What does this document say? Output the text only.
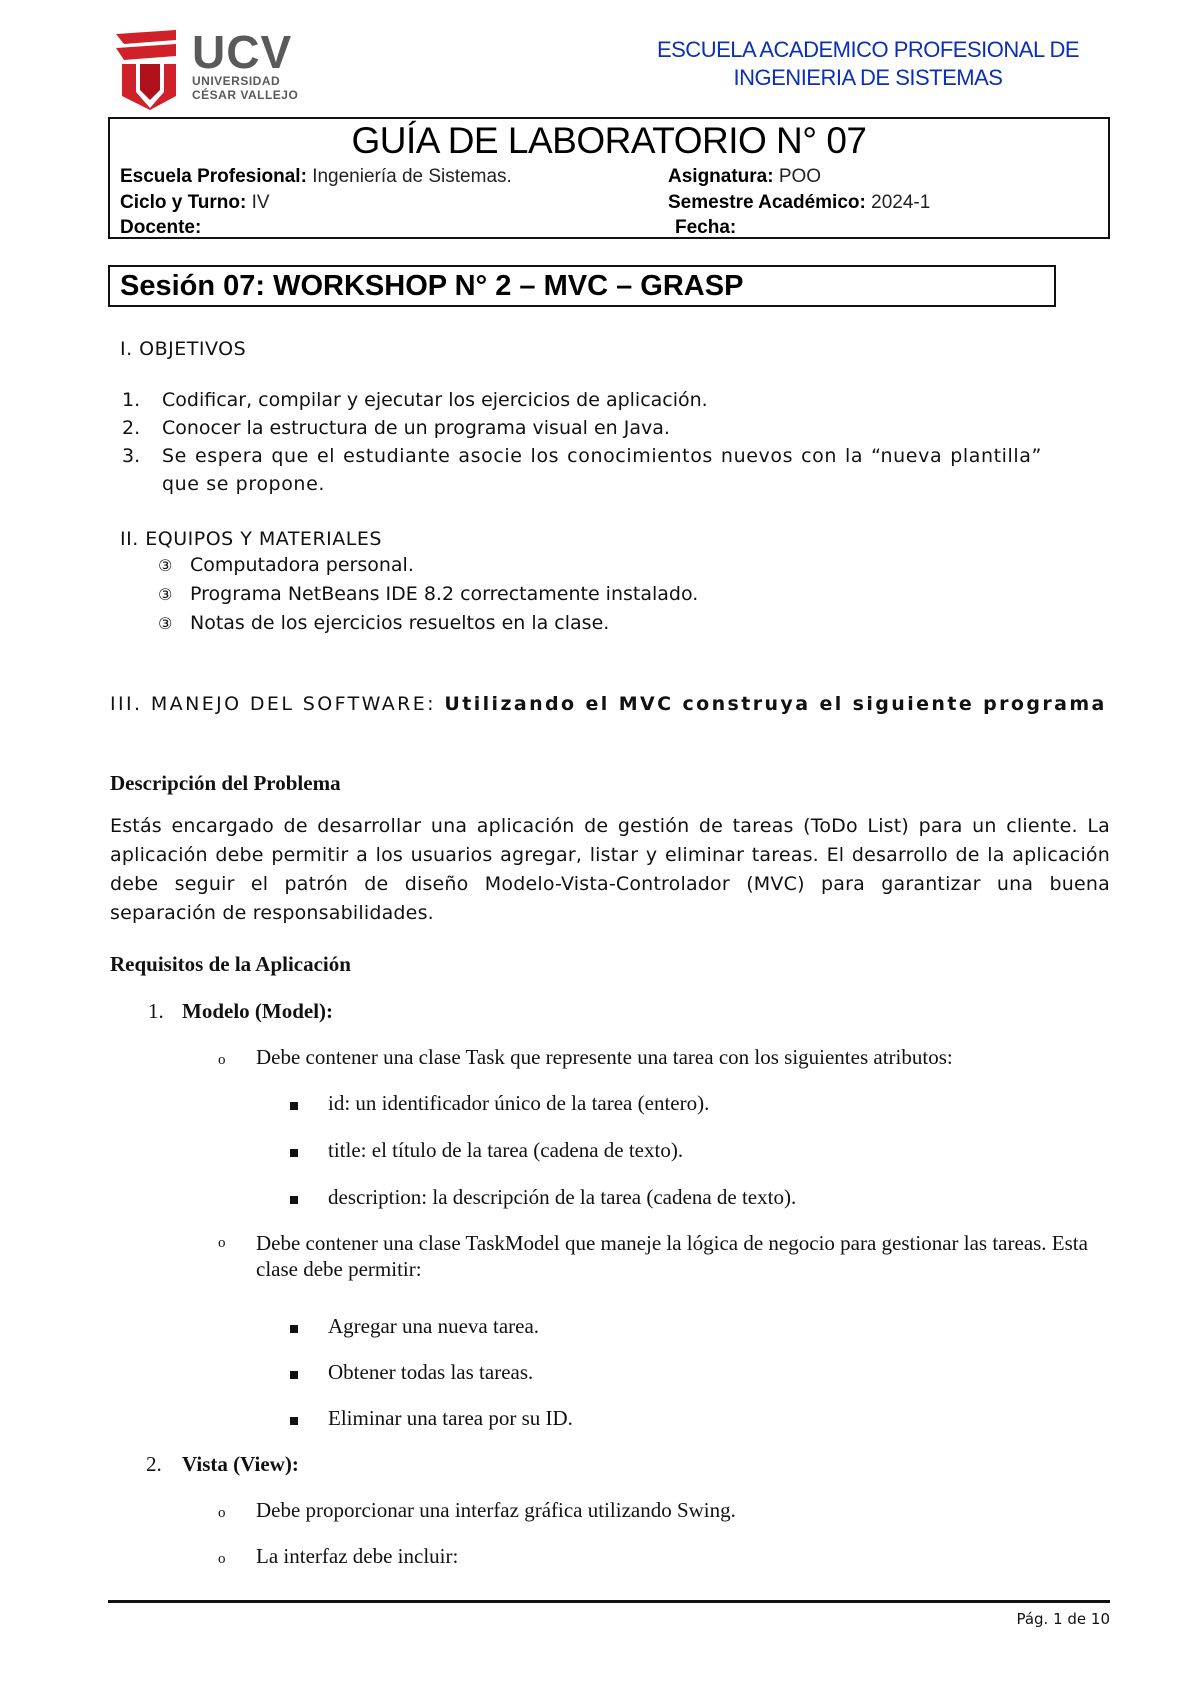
UCV
UNIVERSIDAD
CÉSAR VALLEJO
ESCUELA ACADEMICO PROFESIONAL DE
INGENIERIA DE SISTEMAS
GUÍA DE LABORATORIO N° 07
Escuela Profesional: Ingeniería de Sistemas.	Asignatura: POO
Ciclo y Turno: IV	Semestre Académico: 2024-1
Docente:	Fecha:
Sesión 07: WORKSHOP N° 2 – MVC – GRASP
I. OBJETIVOS
1. Codificar, compilar y ejecutar los ejercicios de aplicación.
2. Conocer la estructura de un programa visual en Java.
3.	Se espera que el estudiante asocie los conocimientos nuevos con la “nueva plantilla” que se propone.
II. EQUIPOS Y MATERIALES
③ Computadora personal.
③ Programa NetBeans IDE 8.2 correctamente instalado.
③ Notas de los ejercicios resueltos en la clase.
III. MANEJO DEL SOFTWARE: Utilizando el MVC construya el siguiente programa
Descripción del Problema
Estás encargado de desarrollar una aplicación de gestión de tareas (ToDo List) para un cliente. La aplicación debe permitir a los usuarios agregar, listar y eliminar tareas. El desarrollo de la aplicación debe seguir el patrón de diseño Modelo-Vista-Controlador (MVC) para garantizar una buena separación de responsabilidades.
Requisitos de la Aplicación
1. Modelo (Model):
o Debe contener una clase Task que represente una tarea con los siguientes atributos:
id: un identificador único de la tarea (entero).
title: el título de la tarea (cadena de texto).
description: la descripción de la tarea (cadena de texto).
o	Debe contener una clase TaskModel que maneje la lógica de negocio para gestionar las tareas. Esta clase debe permitir:
Agregar una nueva tarea.
Obtener todas las tareas.
Eliminar una tarea por su ID.
2. Vista (View):
o Debe proporcionar una interfaz gráfica utilizando Swing.
o La interfaz debe incluir:
Pág. 1 de 10
